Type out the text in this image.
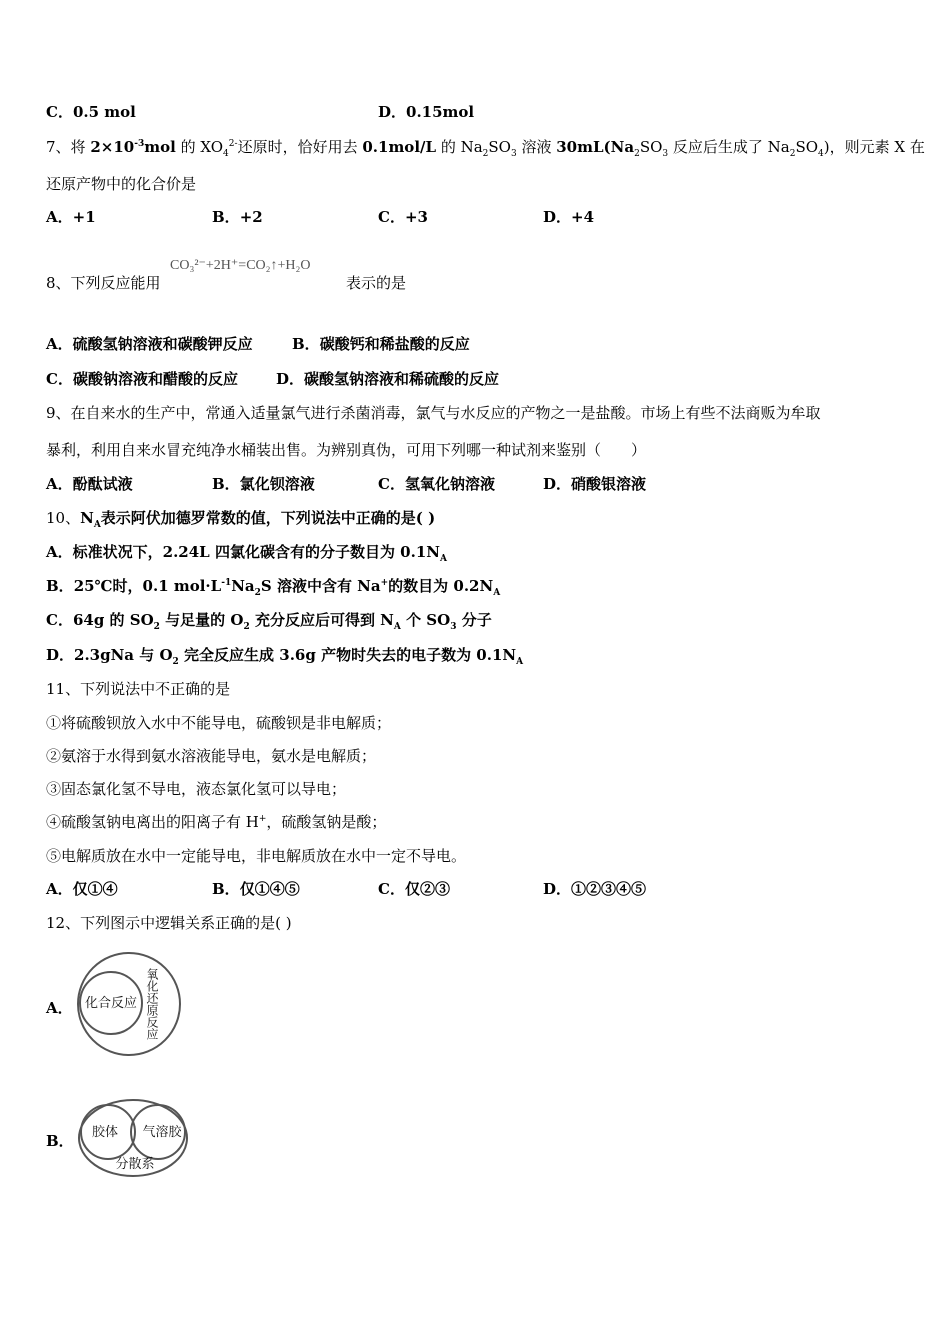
C．0.5 mol	D．0.15mol
7、将 $2\times 10^{-3}mol$ 的 $XO_4^{2-}$还原时，恰好用去 0.1mol/L 的 $Na_2SO_3$ 溶液 $30mL(Na_2SO_3$ 反应后生成了 $Na_2SO_4$)，则元素 X 在
还原产物中的化合价是
A．+1	B．+2	C．+3	D．+4
8、下列反应能用
CO₃²⁻+2H⁺=CO₂↑+H₂O
表示的是
A．硫酸氢钠溶液和碳酸钾反应	B．碳酸钙和稀盐酸的反应
C．碳酸钠溶液和醋酸的反应	D．碳酸氢钠溶液和稀硫酸的反应
9、在自来水的生产中，常通入适量氯气进行杀菌消毒，氯气与水反应的产物之一是盐酸。市场上有些不法商贩为牟取
暴利，利用自来水冒充纯净水桶装出售。为辨别真伪，可用下列哪一种试剂来鉴别（　　）
A．酚酞试液	B．氯化钡溶液	C．氢氧化钠溶液	D．硝酸银溶液
10、$N_A$表示阿伏加德罗常数的值，下列说法中正确的是( )
A．标准状况下，2.24L 四氯化碳含有的分子数目为 $0.1N_A$
B．25℃时，0.1 $mol\cdot L^{-1}Na_2S$ 溶液中含有 Na+的数目为 $0.2N_A$
C．64g 的 $SO_2$ 与足量的 $O_2$ 充分反应后可得到 $N_A$ 个 $SO_3$ 分子
D．2.3gNa 与 $O_2$ 完全反应生成 3.6g 产物时失去的电子数为 $0.1N_A$
11、下列说法中不正确的是
①将硫酸钡放入水中不能导电，硫酸钡是非电解质；
②氨溶于水得到氨水溶液能导电，氨水是电解质；
③固态氯化氢不导电，液态氯化氢可以导电；
④硫酸氢钠电离出的阳离子有 H+，硫酸氢钠是酸；
⑤电解质放在水中一定能导电，非电解质放在水中一定不导电。
A．仅①④	B．仅①④⑤	C．仅②③	D．①②③④⑤
12、下列图示中逻辑关系正确的是( )
A． 化合反应 氧化还原反应
B． 胶体 气溶胶
分散系
